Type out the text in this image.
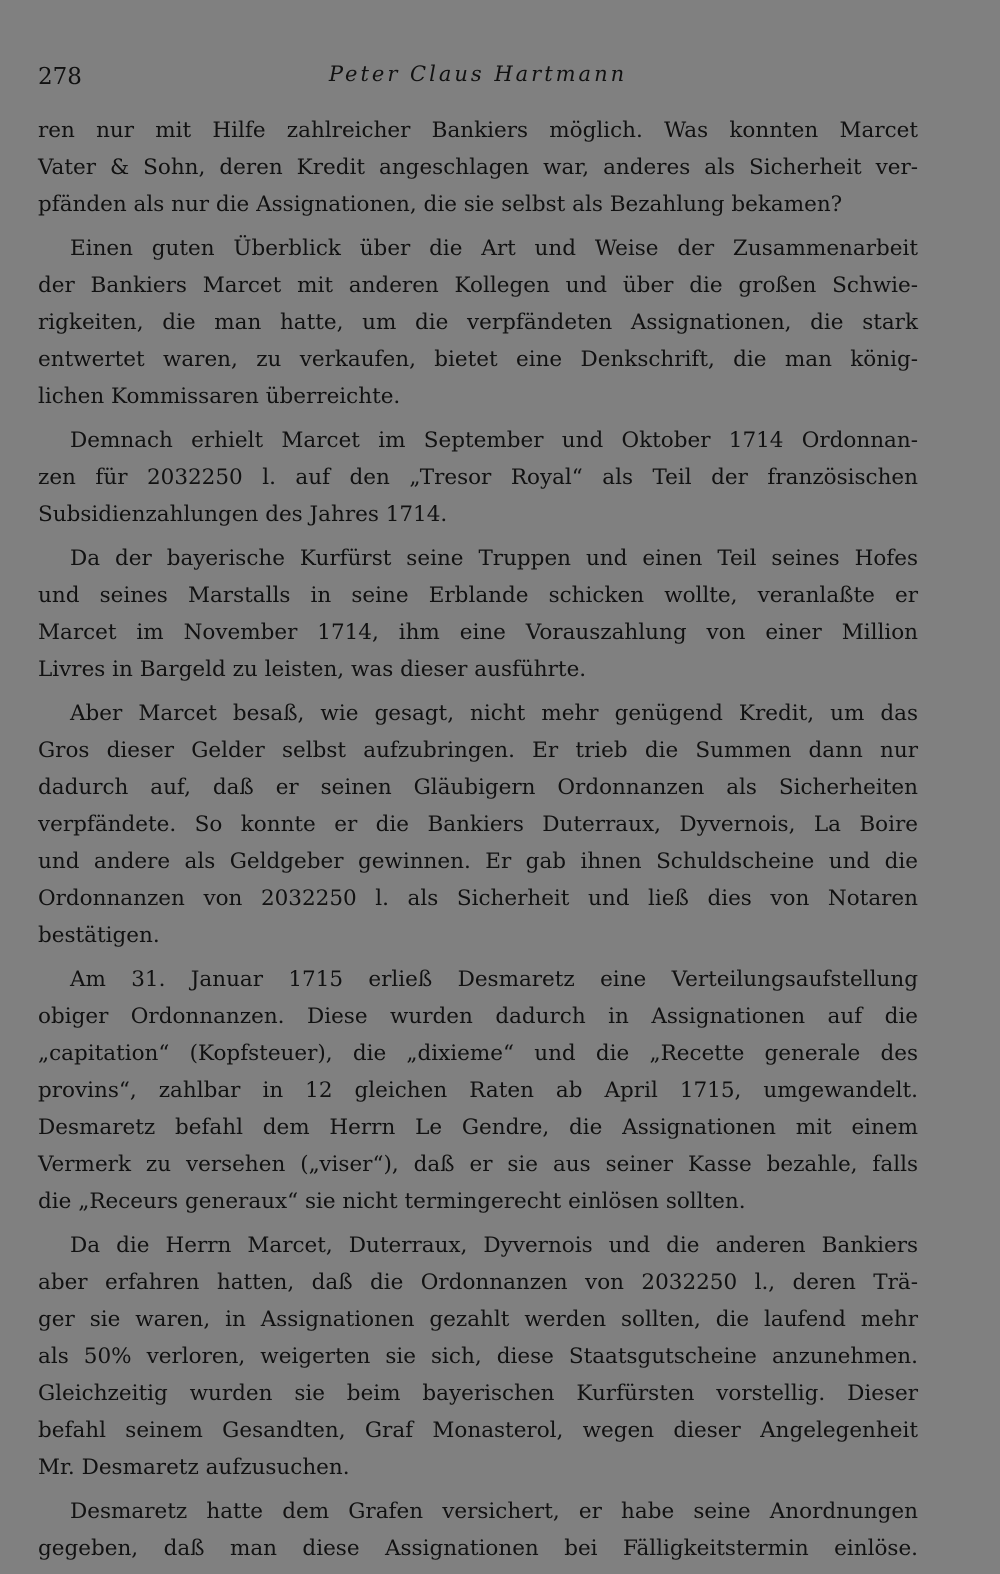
278	Peter Claus Hartmann
ren nur mit Hilfe zahlreicher Bankiers möglich. Was konnten Marcet
Vater & Sohn, deren Kredit angeschlagen war, anderes als Sicherheit ver-
pfänden als nur die Assignationen, die sie selbst als Bezahlung bekamen?
Einen guten Überblick über die Art und Weise der Zusammenarbeit
der Bankiers Marcet mit anderen Kollegen und über die großen Schwie-
rigkeiten, die man hatte, um die verpfändeten Assignationen, die stark
entwertet waren, zu verkaufen, bietet eine Denkschrift, die man könig-
lichen Kommissaren überreichte.
Demnach erhielt Marcet im September und Oktober 1714 Ordonnan-
zen für 2032250 l. auf den „Tresor Royal“ als Teil der französischen
Subsidienzahlungen des Jahres 1714.
Da der bayerische Kurfürst seine Truppen und einen Teil seines Hofes
und seines Marstalls in seine Erblande schicken wollte, veranlaßte er
Marcet im November 1714, ihm eine Vorauszahlung von einer Million
Livres in Bargeld zu leisten, was dieser ausführte.
Aber Marcet besaß, wie gesagt, nicht mehr genügend Kredit, um das
Gros dieser Gelder selbst aufzubringen. Er trieb die Summen dann nur
dadurch auf, daß er seinen Gläubigern Ordonnanzen als Sicherheiten
verpfändete. So konnte er die Bankiers Duterraux, Dyvernois, La Boire
und andere als Geldgeber gewinnen. Er gab ihnen Schuldscheine und die
Ordonnanzen von 2032250 l. als Sicherheit und ließ dies von Notaren
bestätigen.
Am 31. Januar 1715 erließ Desmaretz eine Verteilungsaufstellung
obiger Ordonnanzen. Diese wurden dadurch in Assignationen auf die
„capitation“ (Kopfsteuer), die „dixieme“ und die „Recette generale des
provins“, zahlbar in 12 gleichen Raten ab April 1715, umgewandelt.
Desmaretz befahl dem Herrn Le Gendre, die Assignationen mit einem
Vermerk zu versehen („viser“), daß er sie aus seiner Kasse bezahle, falls
die „Receurs generaux“ sie nicht termingerecht einlösen sollten.
Da die Herrn Marcet, Duterraux, Dyvernois und die anderen Bankiers
aber erfahren hatten, daß die Ordonnanzen von 2032250 l., deren Trä-
ger sie waren, in Assignationen gezahlt werden sollten, die laufend mehr
als 50% verloren, weigerten sie sich, diese Staatsgutscheine anzunehmen.
Gleichzeitig wurden sie beim bayerischen Kurfürsten vorstellig. Dieser
befahl seinem Gesandten, Graf Monasterol, wegen dieser Angelegenheit
Mr. Desmaretz aufzusuchen.
Desmaretz hatte dem Grafen versichert, er habe seine Anordnungen
gegeben, daß man diese Assignationen bei Fälligkeitstermin einlöse.
